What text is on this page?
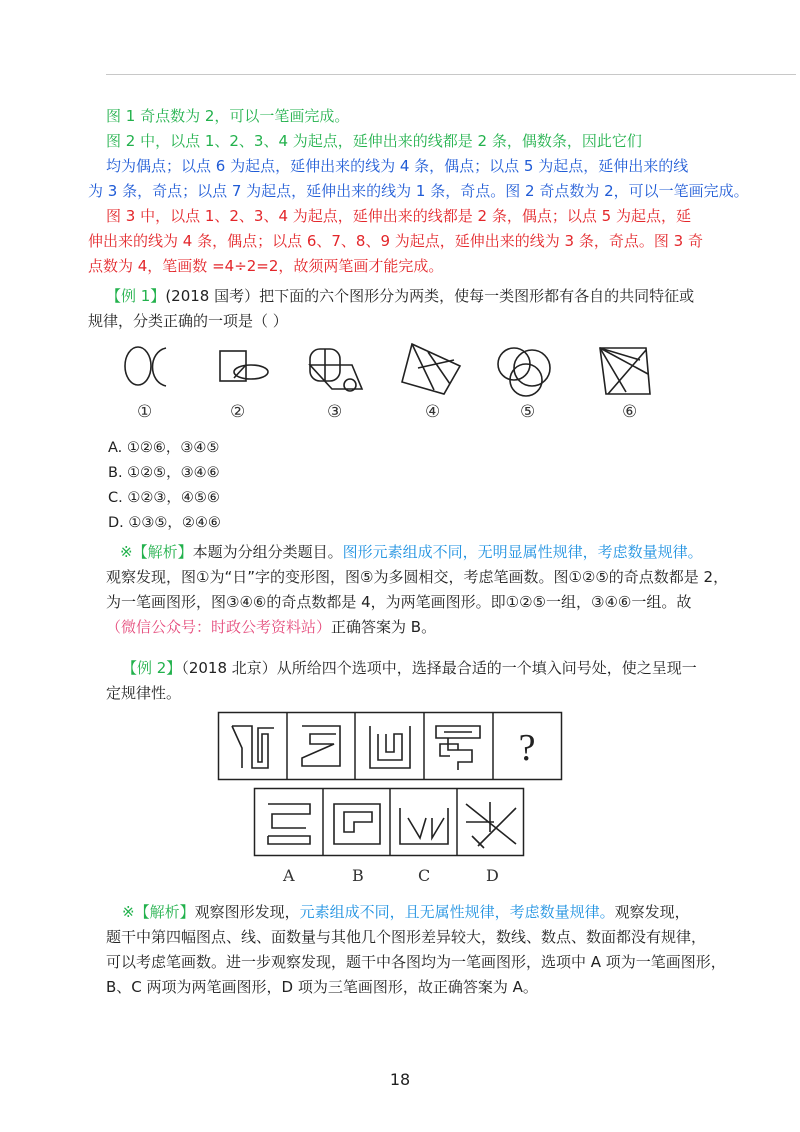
图 1 奇点数为 2，可以一笔画完成。
图 2 中，以点 1、2、3、4 为起点，延伸出来的线都是 2 条，偶数条，因此它们
均为偶点；以点 6 为起点，延伸出来的线为 4 条，偶点；以点 5 为起点，延伸出来的线
为 3 条，奇点；以点 7 为起点，延伸出来的线为 1 条，奇点。图 2 奇点数为 2，可以一笔画完成。
图 3 中，以点 1、2、3、4 为起点，延伸出来的线都是 2 条，偶点；以点 5 为起点，延
伸出来的线为 4 条，偶点；以点 6、7、8、9 为起点，延伸出来的线为 3 条，奇点。图 3 奇
点数为 4，笔画数 =4÷2=2，故须两笔画才能完成。
【例 1】(2018 国考）把下面的六个图形分为两类，使每一类图形都有各自的共同特征或
规律，分类正确的一项是（ ）
①	②	③	④	⑤	⑥
A. ①②⑥，③④⑤
B. ①②⑤，③④⑥
C. ①②③，④⑤⑥
D. ①③⑤，②④⑥
※【解析】本题为分组分类题目。图形元素组成不同，无明显属性规律，考虑数量规律。
观察发现，图①为“日”字的变形图，图⑤为多圆相交，考虑笔画数。图①②⑤的奇点数都是 2，
为一笔画图形，图③④⑥的奇点数都是 4，为两笔画图形。即①②⑤一组，③④⑥一组。故
（微信公众号：时政公考资料站）正确答案为 B。
【例 2】（2018 北京）从所给四个选项中，选择最合适的一个填入问号处，使之呈现一
定规律性。
?
A	B	C	D
※【解析】观察图形发现，元素组成不同，且无属性规律，考虑数量规律。观察发现，
题干中第四幅图点、线、面数量与其他几个图形差异较大，数线、数点、数面都没有规律，
可以考虑笔画数。进一步观察发现，题干中各图均为一笔画图形，选项中 A 项为一笔画图形，
B、C 两项为两笔画图形，D 项为三笔画图形，故正确答案为 A。
18
